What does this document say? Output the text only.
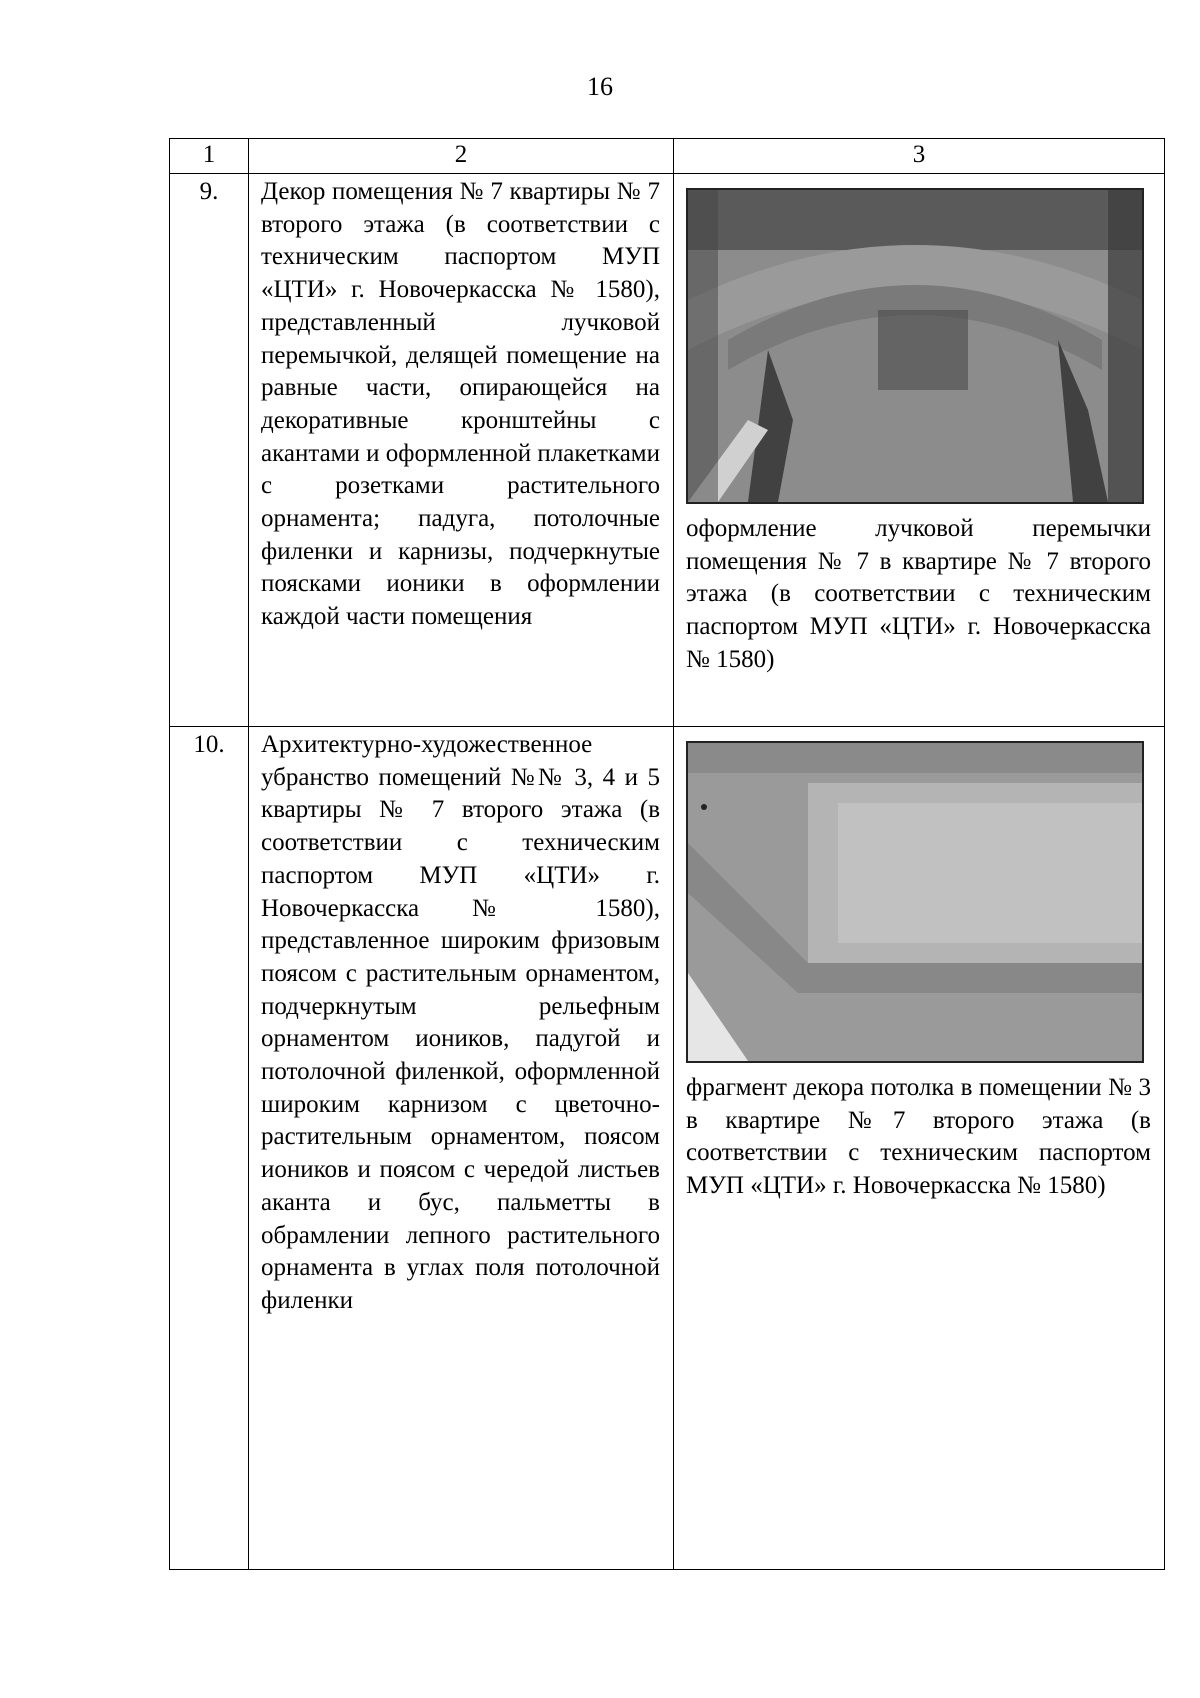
16
1	2	3
9.	Декор помещения № 7 квартиры № 7 второго этажа (в соответствии с техническим паспортом МУП «ЦТИ» г. Новочеркасска № 1580), представленный лучковой перемычкой, делящей помещение на равные части, опирающейся на декоративные кронштейны с акантами и оформленной плакетками с розетками растительного орнамента; падуга, потолочные филенки и карнизы, подчеркнутые поясками ионики в оформлении каждой части помещения	оформление лучковой перемычки помещения № 7 в квартире № 7 второго этажа (в соответствии с техническим паспортом МУП «ЦТИ» г. Новочеркасска № 1580)

10.	Архитектурно-художественное убранство помещений №№ 3, 4 и 5 квартиры № 7 второго этажа (в соответствии с техническим паспортом МУП «ЦТИ» г. Новочеркасска № 1580), представленное широким фризовым поясом с растительным орнаментом, подчеркнутым рельефным орнаментом иоников, падугой и потолочной филенкой, оформленной широким карнизом с цветочно-растительным орнаментом, поясом иоников и поясом с чередой листьев аканта и бус, пальметты в обрамлении лепного растительного орнамента в углах поля потолочной филенки	фрагмент декора потолка в помещении № 3 в квартире №7 второго этажа (в соответствии с техническим паспортом МУП «ЦТИ» г. Новочеркасска № 1580)
